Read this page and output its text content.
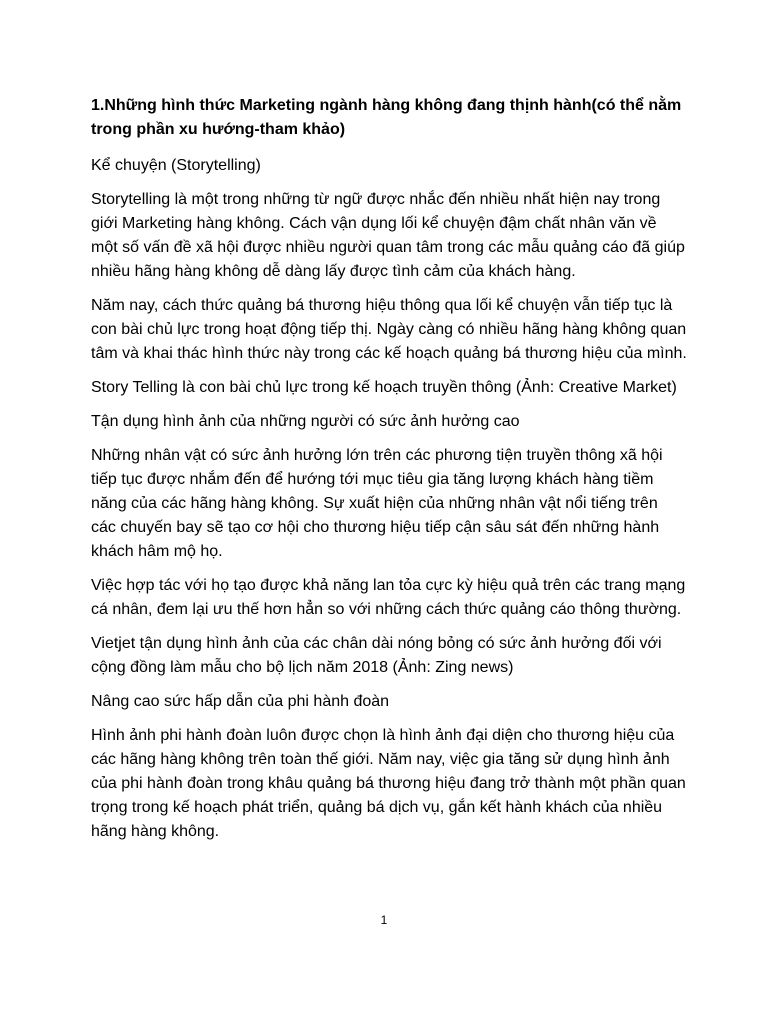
1.Những hình thức Marketing ngành hàng không đang thịnh hành(có thể nằm trong phần xu hướng-tham khảo)

Kể chuyện (Storytelling)

Storytelling là một trong những từ ngữ được nhắc đến nhiều nhất hiện nay trong giới Marketing hàng không. Cách vận dụng lối kể chuyện đậm chất nhân văn về một số vấn đề xã hội được nhiều người quan tâm trong các mẫu quảng cáo đã giúp nhiều hãng hàng không dễ dàng lấy được tình cảm của khách hàng.

Năm nay, cách thức quảng bá thương hiệu thông qua lối kể chuyện vẫn tiếp tục là con bài chủ lực trong hoạt động tiếp thị. Ngày càng có nhiều hãng hàng không quan tâm và khai thác hình thức này trong các kế hoạch quảng bá thương hiệu của mình.

Story Telling là con bài chủ lực trong kế hoạch truyền thông (Ảnh: Creative Market)

Tận dụng hình ảnh của những người có sức ảnh hưởng cao

Những nhân vật có sức ảnh hưởng lớn trên các phương tiện truyền thông xã hội tiếp tục được nhắm đến để hướng tới mục tiêu gia tăng lượng khách hàng tiềm năng của các hãng hàng không. Sự xuất hiện của những nhân vật nổi tiếng trên các chuyến bay sẽ tạo cơ hội cho thương hiệu tiếp cận sâu sát đến những hành khách hâm mộ họ.

Việc hợp tác với họ tạo được khả năng lan tỏa cực kỳ hiệu quả trên các trang mạng cá nhân, đem lại ưu thế hơn hẳn so với những cách thức quảng cáo thông thường.

Vietjet tận dụng hình ảnh của các chân dài nóng bỏng có sức ảnh hưởng đối với cộng đồng làm mẫu cho bộ lịch năm 2018 (Ảnh: Zing news)

Nâng cao sức hấp dẫn của phi hành đoàn

Hình ảnh phi hành đoàn luôn được chọn là hình ảnh đại diện cho thương hiệu của các hãng hàng không trên toàn thế giới. Năm nay, việc gia tăng sử dụng hình ảnh của phi hành đoàn trong khâu quảng bá thương hiệu đang trở thành một phần quan trọng trong kế hoạch phát triển, quảng bá dịch vụ, gắn kết hành khách của nhiều hãng hàng không.

1
